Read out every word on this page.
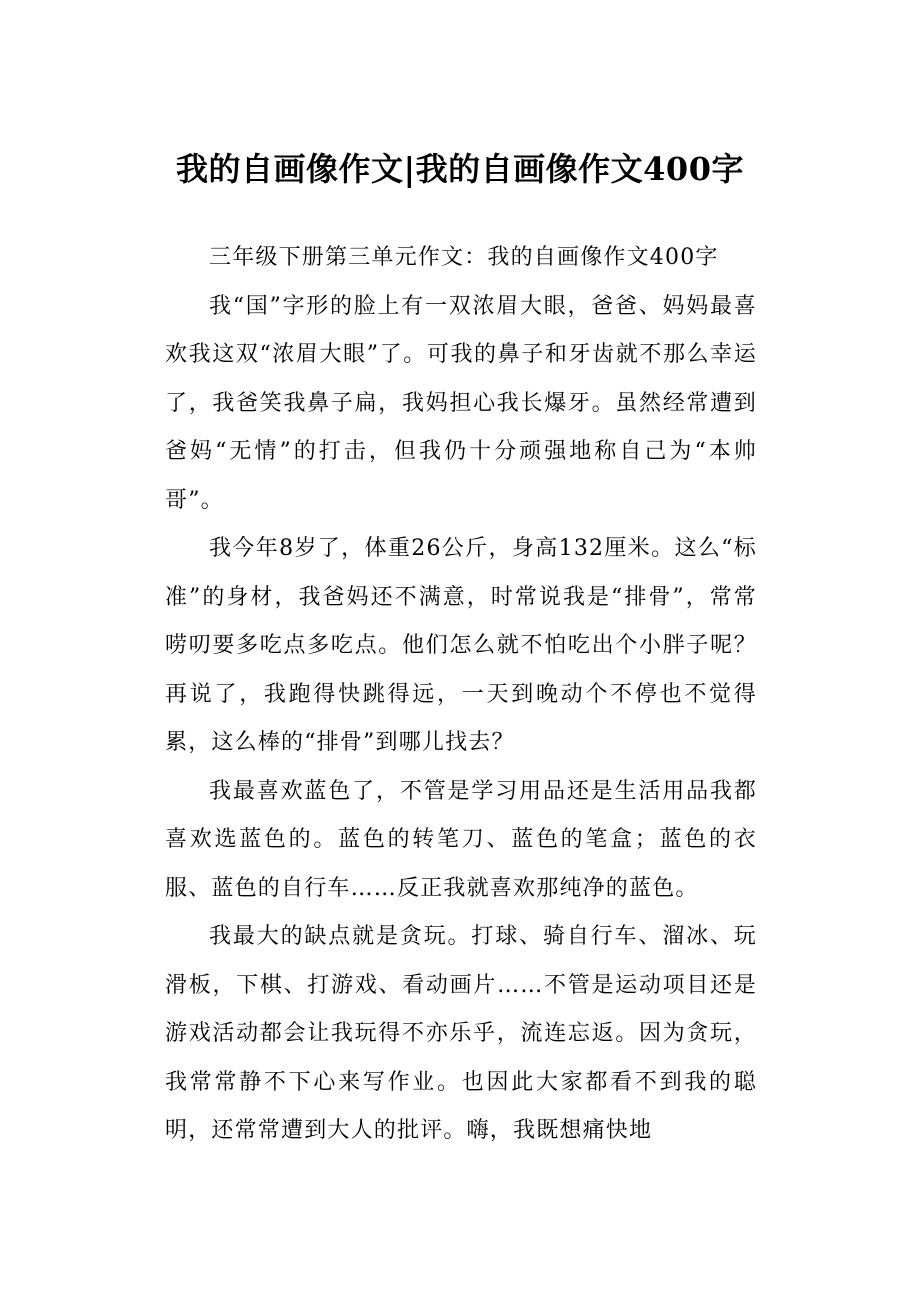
我的自画像作文|我的自画像作文400字

三年级下册第三单元作文：我的自画像作文400字

我“国”字形的脸上有一双浓眉大眼，爸爸、妈妈最喜欢我这双“浓眉大眼”了。可我的鼻子和牙齿就不那么幸运了，我爸笑我鼻子扁，我妈担心我长爆牙。虽然经常遭到爸妈“无情”的打击，但我仍十分顽强地称自己为“本帅哥”。

我今年8岁了，体重26公斤，身高132厘米。这么“标准”的身材，我爸妈还不满意，时常说我是“排骨”，常常唠叨要多吃点多吃点。他们怎么就不怕吃出个小胖子呢？再说了，我跑得快跳得远，一天到晚动个不停也不觉得累，这么棒的“排骨”到哪儿找去？

我最喜欢蓝色了，不管是学习用品还是生活用品我都喜欢选蓝色的。蓝色的转笔刀、蓝色的笔盒；蓝色的衣服、蓝色的自行车……反正我就喜欢那纯净的蓝色。

我最大的缺点就是贪玩。打球、骑自行车、溜冰、玩滑板，下棋、打游戏、看动画片……不管是运动项目还是游戏活动都会让我玩得不亦乐乎，流连忘返。因为贪玩，我常常静不下心来写作业。也因此大家都看不到我的聪明，还常常遭到大人的批评。嗨，我既想痛快地
